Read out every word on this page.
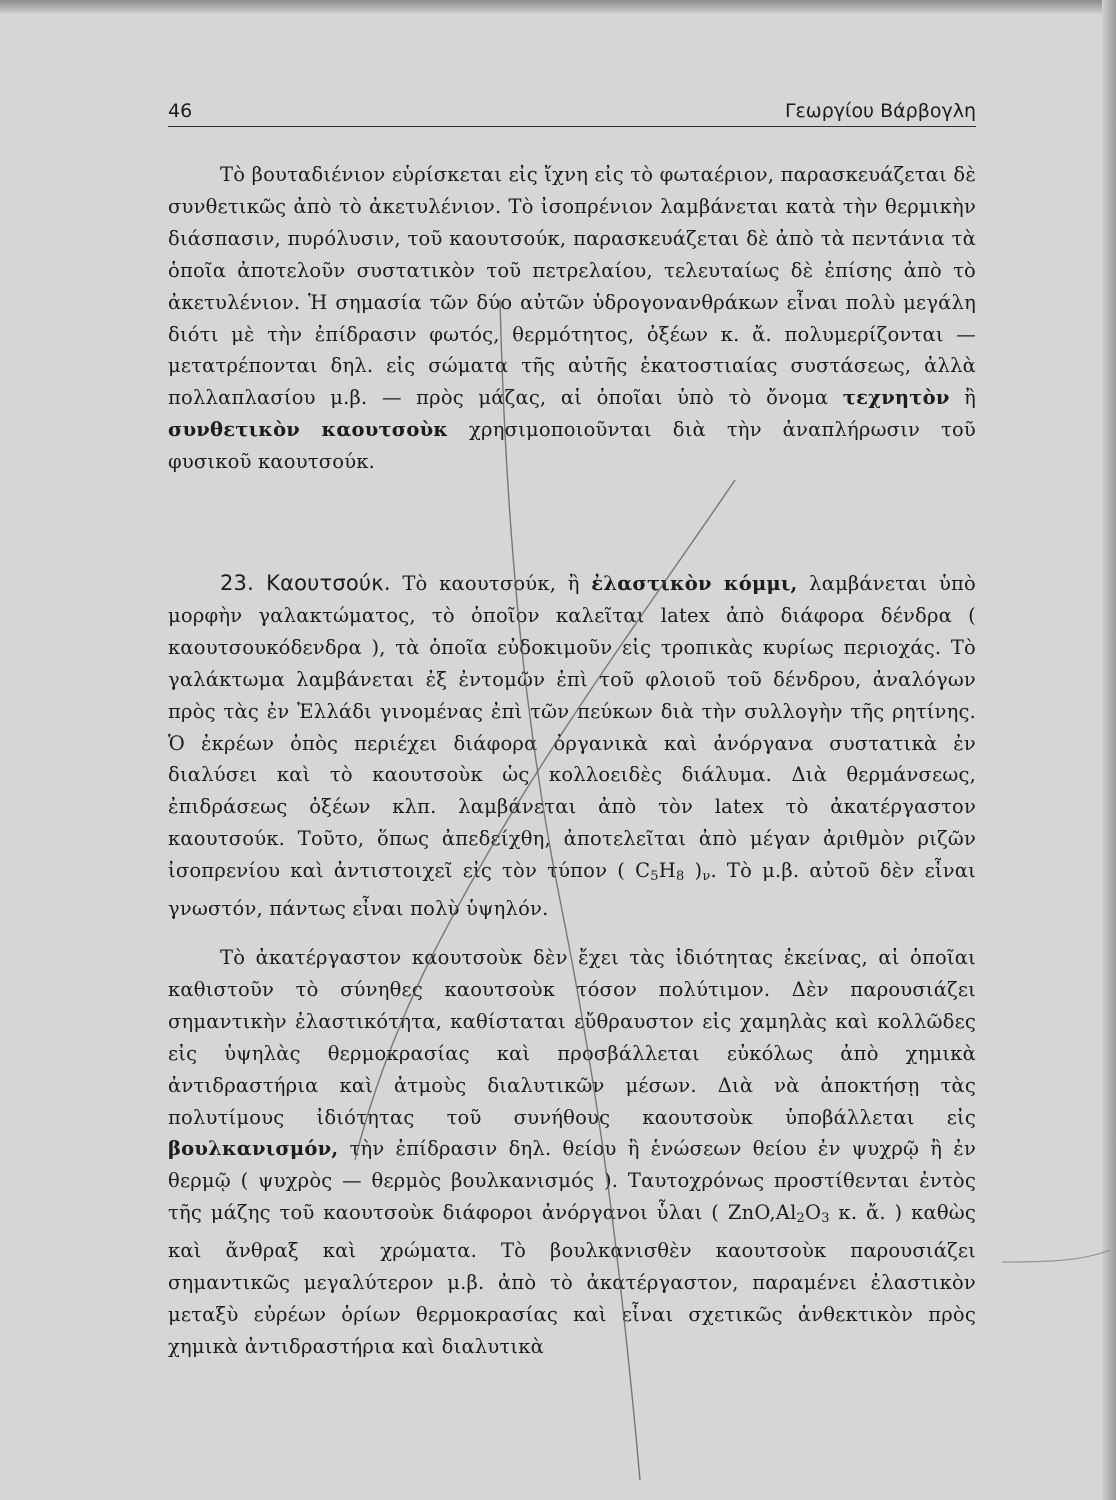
46	Γεωργίου Βάρβογλη

Τὸ βουταδιένιον εὑρίσκεται εἰς ἴχνη εἰς τὸ φωταέριον, παρασκευάζεται δὲ συνθετικῶς ἀπὸ τὸ ἀκετυλένιον. Τὸ ἰσοπρένιον λαμβάνεται κατὰ τὴν θερμικὴν διάσπασιν, πυρόλυσιν, τοῦ καουτσούκ, παρασκευάζεται δὲ ἀπὸ τὰ πεντάνια τὰ ὁποῖα ἀποτελοῦν συστατικὸν τοῦ πετρελαίου, τελευταίως δὲ ἐπίσης ἀπὸ τὸ ἀκετυλένιον. Ἡ σημασία τῶν δύο αὐτῶν ὑδρογονανθράκων εἶναι πολὺ μεγάλη διότι μὲ τὴν ἐπίδρασιν φωτός, θερμότητος, ὀξέων κ. ἄ. πολυμερίζονται — μετατρέπονται δηλ. εἰς σώματα τῆς αὐτῆς ἑκατοστιαίας συστάσεως, ἀλλὰ πολλαπλασίου μ.β. — πρὸς μάζας, αἱ ὁποῖαι ὑπὸ τὸ ὄνομα τεχνητὸν ἢ συνθετικὸν καουτσοὺκ χρησιμοποιοῦνται διὰ τὴν ἀναπλήρωσιν τοῦ φυσικοῦ καουτσούκ.

23. Καουτσούκ. Τὸ καουτσούκ, ἢ ἐλαστικὸν κόμμι, λαμβάνεται ὑπὸ μορφὴν γαλακτώματος, τὸ ὁποῖον καλεῖται latex ἀπὸ διάφορα δένδρα ( καουτσουκόδενδρα ), τὰ ὁποῖα εὐδοκιμοῦν εἰς τροπικὰς κυρίως περιοχάς. Τὸ γαλάκτωμα λαμβάνεται ἐξ ἐντομῶν ἐπὶ τοῦ φλοιοῦ τοῦ δένδρου, ἀναλόγων πρὸς τὰς ἐν Ἑλλάδι γινομένας ἐπὶ τῶν πεύκων διὰ τὴν συλλογὴν τῆς ρητίνης. Ὁ ἐκρέων ὀπὸς περιέχει διάφορα ὀργανικὰ καὶ ἀνόργανα συστατικὰ ἐν διαλύσει καὶ τὸ καουτσοὺκ ὡς κολλοειδὲς διάλυμα. Διὰ θερμάνσεως, ἐπιδράσεως ὀξέων κλπ. λαμβάνεται ἀπὸ τὸν latex τὸ ἀκατέργαστον καουτσούκ. Τοῦτο, ὅπως ἀπεδείχθη, ἀποτελεῖται ἀπὸ μέγαν ἀριθμὸν ριζῶν ἰσοπρενίου καὶ ἀντιστοιχεῖ εἰς τὸν τύπον ( $C_5H_8$ )$_\nu$. Τὸ μ.β. αὐτοῦ δὲν εἶναι γνωστόν, πάντως εἶναι πολὺ ὑψηλόν.

Τὸ ἀκατέργαστον καουτσοὺκ δὲν ἔχει τὰς ἰδιότητας ἐκείνας, αἱ ὁποῖαι καθιστοῦν τὸ σύνηθες καουτσοὺκ τόσον πολύτιμον. Δὲν παρουσιάζει σημαντικὴν ἐλαστικότητα, καθίσταται εὔθραυστον εἰς χαμηλὰς καὶ κολλῶδες εἰς ὑψηλὰς θερμοκρασίας καὶ προσβάλλεται εὐκόλως ἀπὸ χημικὰ ἀντιδραστήρια καὶ ἀτμοὺς διαλυτικῶν μέσων. Διὰ νὰ ἀποκτήσῃ τὰς πολυτίμους ἰδιότητας τοῦ συνήθους καουτσοὺκ ὑποβάλλεται εἰς βουλκανισμόν, τὴν ἐπίδρασιν δηλ. θείου ἢ ἑνώσεων θείου ἐν ψυχρῷ ἢ ἐν θερμῷ ( ψυχρὸς — θερμὸς βουλκανισμός ). Ταυτοχρόνως προστίθενται ἐντὸς τῆς μάζης τοῦ καουτσοὺκ διάφοροι ἀνόργανοι ὗλαι ( $ZnO,Al_2O_3$ κ. ἄ. ) καθὼς καὶ ἄνθραξ καὶ χρώματα. Τὸ βουλκανισθὲν καουτσοὺκ παρουσιάζει σημαντικῶς μεγαλύτερον μ.β. ἀπὸ τὸ ἀκατέργαστον, παραμένει ἐλαστικὸν μεταξὺ εὐρέων ὁρίων θερμοκρασίας καὶ εἶναι σχετικῶς ἀνθεκτικὸν πρὸς χημικὰ ἀντιδραστήρια καὶ διαλυτικὰ
